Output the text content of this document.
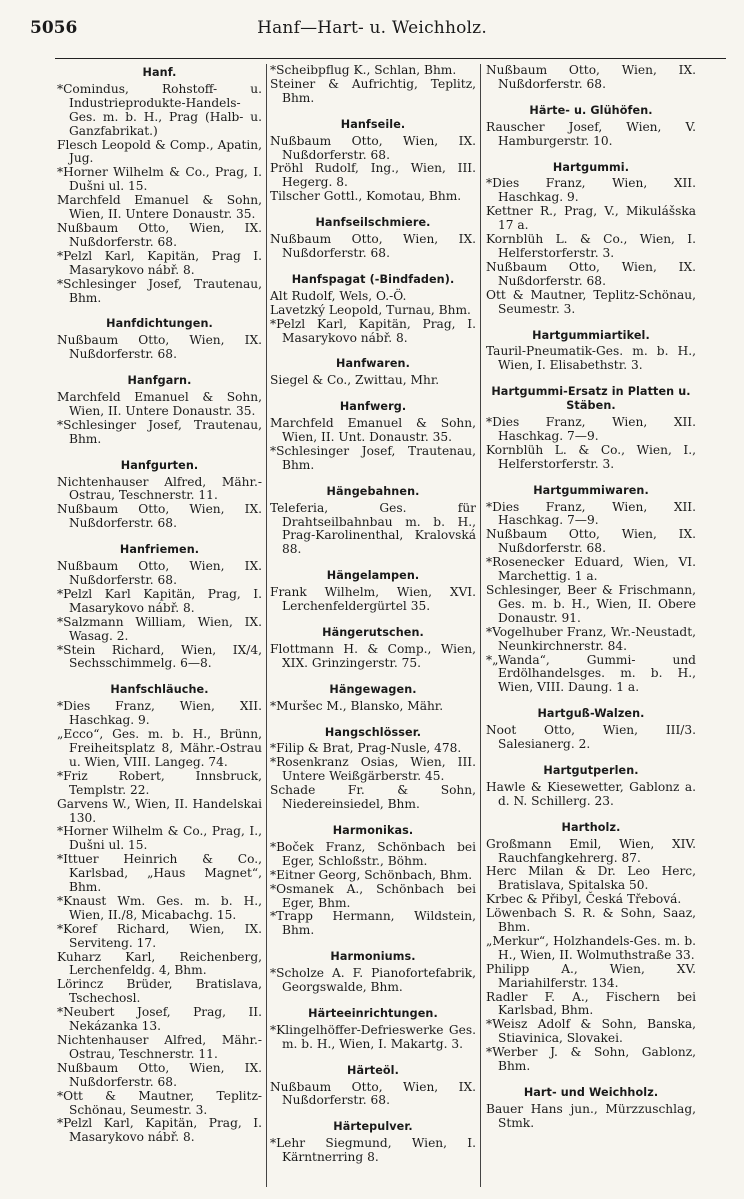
5056	Hanf—Hart- u. Weichholz.
Hanf.

*Comindus, Rohstoff- u. Industrieprodukte-Handels-Ges. m. b. H., Prag (Halb- u. Ganzfabrikat.)

Flesch Leopold & Comp., Apatin, Jug.

*Horner Wilhelm & Co., Prag, I. Dušni ul. 15.

Marchfeld Emanuel & Sohn, Wien, II. Untere Donaustr. 35.

Nußbaum Otto, Wien, IX. Nußdorferstr. 68.

*Pelzl Karl, Kapitän, Prag I. Masarykovo nábř. 8.

*Schlesinger Josef, Trautenau, Bhm.

Hanfdichtungen.

Nußbaum Otto, Wien, IX. Nußdorferstr. 68.

Hanfgarn.

Marchfeld Emanuel & Sohn, Wien, II. Untere Donaustr. 35.

*Schlesinger Josef, Trautenau, Bhm.

Hanfgurten.

Nichtenhauser Alfred, Mähr.-Ostrau, Teschnerstr. 11.

Nußbaum Otto, Wien, IX. Nußdorferstr. 68.

Hanfriemen.

Nußbaum Otto, Wien, IX. Nußdorferstr. 68.

*Pelzl Karl Kapitän, Prag, I. Masarykovo nábř. 8.

*Salzmann William, Wien, IX. Wasag. 2.

*Stein Richard, Wien, IX/4, Sechsschimmelg. 6—8.

Hanfschläuche.

*Dies Franz, Wien, XII. Haschkag. 9.

„Ecco“, Ges. m. b. H., Brünn, Freiheitsplatz 8, Mähr.-Ostrau u. Wien, VIII. Langeg. 74.

*Friz Robert, Innsbruck, Templstr. 22.

Garvens W., Wien, II. Handelskai 130.

*Horner Wilhelm & Co., Prag, I., Dušni ul. 15.

*Ittuer Heinrich & Co., Karlsbad, „Haus Magnet“, Bhm.

*Knaust Wm. Ges. m. b. H., Wien, II./8, Micabachg. 15.

*Koref Richard, Wien, IX. Serviteng. 17.

Kuharz Karl, Reichenberg, Lerchenfeldg. 4, Bhm.

Lörincz Brüder, Bratislava, Tschechosl.

*Neubert Josef, Prag, II. Nekázanka 13.

Nichtenhauser Alfred, Mähr.-Ostrau, Teschnerstr. 11.

Nußbaum Otto, Wien, IX. Nußdorferstr. 68.

*Ott & Mautner, Teplitz-Schönau, Seumestr. 3.

*Pelzl Karl, Kapitän, Prag, I. Masarykovo nábř. 8.

*Scheibpflug K., Schlan, Bhm.

Steiner & Aufrichtig, Teplitz, Bhm.

Hanfseile.

Nußbaum Otto, Wien, IX. Nußdorferstr. 68.

Pröhl Rudolf, Ing., Wien, III. Hegerg. 8.

Tilscher Gottl., Komotau, Bhm.

Hanfseilschmiere.

Nußbaum Otto, Wien, IX. Nußdorferstr. 68.

Hanfspagat (-Bindfaden).

Alt Rudolf, Wels, O.-Ö.

Lavetzký Leopold, Turnau, Bhm.

*Pelzl Karl, Kapitän, Prag, I. Masarykovo nábř. 8.

Hanfwaren.

Siegel & Co., Zwittau, Mhr.

Hanfwerg.

Marchfeld Emanuel & Sohn, Wien, II. Unt. Donaustr. 35.

*Schlesinger Josef, Trautenau, Bhm.

Hängebahnen.

Teleferia, Ges. für Drahtseilbahnbau m. b. H., Prag-Karolinenthal, Kralovská 88.

Hängelampen.

Frank Wilhelm, Wien, XVI. Lerchenfeldergürtel 35.

Hängerutschen.

Flottmann H. & Comp., Wien, XIX. Grinzingerstr. 75.

Hängewagen.

*Muršec M., Blansko, Mähr.

Hangschlösser.

*Filip & Brat, Prag-Nusle, 478.

*Rosenkranz Osias, Wien, III. Untere Weißgärberstr. 45.

Schade Fr. & Sohn, Niedereinsiedel, Bhm.

Harmonikas.

*Boček Franz, Schönbach bei Eger, Schloßstr., Böhm.

*Eitner Georg, Schönbach, Bhm.

*Osmanek A., Schönbach bei Eger, Bhm.

*Trapp Hermann, Wildstein, Bhm.

Harmoniums.

*Scholze A. F. Pianofortefabrik, Georgswalde, Bhm.

Härteeinrichtungen.

*Klingelhöffer-Defrieswerke Ges. m. b. H., Wien, I. Makartg. 3.

Härteöl.

Nußbaum Otto, Wien, IX. Nußdorferstr. 68.

Härtepulver.

*Lehr Siegmund, Wien, I. Kärntnerring 8.

Nußbaum Otto, Wien, IX. Nußdorferstr. 68.

Härte- u. Glühöfen.

Rauscher Josef, Wien, V. Hamburgerstr. 10.

Hartgummi.

*Dies Franz, Wien, XII. Haschkag. 9.

Kettner R., Prag, V., Mikulášska 17 a.

Kornblüh L. & Co., Wien, I. Helferstorferstr. 3.

Nußbaum Otto, Wien, IX. Nußdorferstr. 68.

Ott & Mautner, Teplitz-Schönau, Seumestr. 3.

Hartgummiartikel.

Tauril-Pneumatik-Ges. m. b. H., Wien, I. Elisabethstr. 3.

Hartgummi-Ersatz in Platten u. Stäben.

*Dies Franz, Wien, XII. Haschkag. 7—9.

Kornblüh L. & Co., Wien, I., Helferstorferstr. 3.

Hartgummiwaren.

*Dies Franz, Wien, XII. Haschkag. 7—9.

Nußbaum Otto, Wien, IX. Nußdorferstr. 68.

*Rosenecker Eduard, Wien, VI. Marchettig. 1 a.

Schlesinger, Beer & Frischmann, Ges. m. b. H., Wien, II. Obere Donaustr. 91.

*Vogelhuber Franz, Wr.-Neustadt, Neunkirchnerstr. 84.

*„Wanda“, Gummi- und Erdölhandelsges. m. b. H., Wien, VIII. Daung. 1 a.

Hartguß-Walzen.

Noot Otto, Wien, III/3. Salesianerg. 2.

Hartgutperlen.

Hawle & Kiesewetter, Gablonz a. d. N. Schillerg. 23.

Hartholz.

Großmann Emil, Wien, XIV. Rauchfangkehrerg. 87.

Herc Milan & Dr. Leo Herc, Bratislava, Spitalska 50.

Krbec & Přibyl, Česká Třebová.

Löwenbach S. R. & Sohn, Saaz, Bhm.

„Merkur“, Holzhandels-Ges. m. b. H., Wien, II. Wolmuthstraße 33.

Philipp A., Wien, XV. Mariahilferstr. 134.

Radler F. A., Fischern bei Karlsbad, Bhm.

*Weisz Adolf & Sohn, Banska, Stiavinica, Slovakei.

*Werber J. & Sohn, Gablonz, Bhm.

Hart- und Weichholz.

Bauer Hans jun., Mürzzuschlag, Stmk.
